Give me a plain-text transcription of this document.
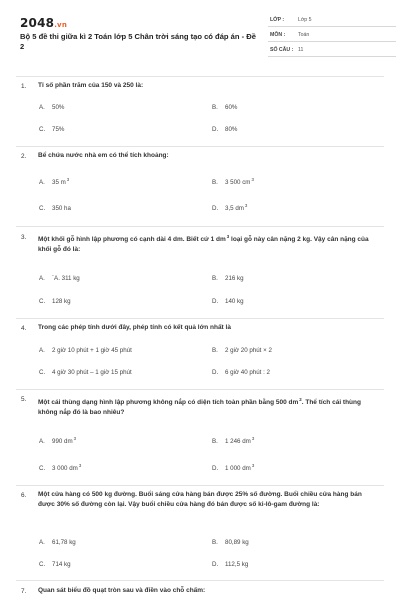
2048.vn
Bộ 5 đề thi giữa kì 2 Toán lớp 5 Chân trời sáng tạo có đáp án - Đề 2
LỚP :	Lớp 5
MÔN : Toán
SỐ CÂU : 11
1. Tỉ số phần trăm của 150 và 250 là:
A. 50%	B. 60%
C. 75%	D. 80%
2. Bể chứa nước nhà em có thể tích khoảng:
A. 35 $m^3$	B. 3 500 $cm^3$
C. 350 ha	D. 3,5 $dm^3$
3. Một khối gỗ hình lập phương có cạnh dài 4 dm. Biết cứ 1 $dm^3$ loại gỗ này cân nặng 2 kg. Vậy cân nặng của khối gỗ đó là:
A. `A. 311 kg	B. 216 kg
C. 128 kg	D. 140 kg
4. Trong các phép tính dưới đây, phép tính có kết quả lớn nhất là
A. 2 giờ 10 phút + 1 giờ 45 phút	B. 2 giờ 20 phút × 2
C. 4 giờ 30 phút – 1 giờ 15 phút	D. 6 giờ 40 phút : 2
5. Một cái thùng dạng hình lập phương không nắp có diện tích toàn phần bằng 500 $dm^2$. Thể tích cái thùng không nắp đó là bao nhiêu?
A. 990 $dm^3$	B. 1 246 $dm^3$
C. 3 000 $dm^3$	D. 1 000 $dm^3$
6. Một cửa hàng có 500 kg đường. Buổi sáng cửa hàng bán được 25% số đường. Buổi chiều cửa hàng bán được 30% số đường còn lại. Vậy buổi chiều cửa hàng đó bán được số ki-lô-gam đường là:
A. 61,78 kg	B. 80,89 kg
C. 714 kg	D. 112,5 kg
7. Quan sát biểu đồ quạt tròn sau và điền vào chỗ chấm:
